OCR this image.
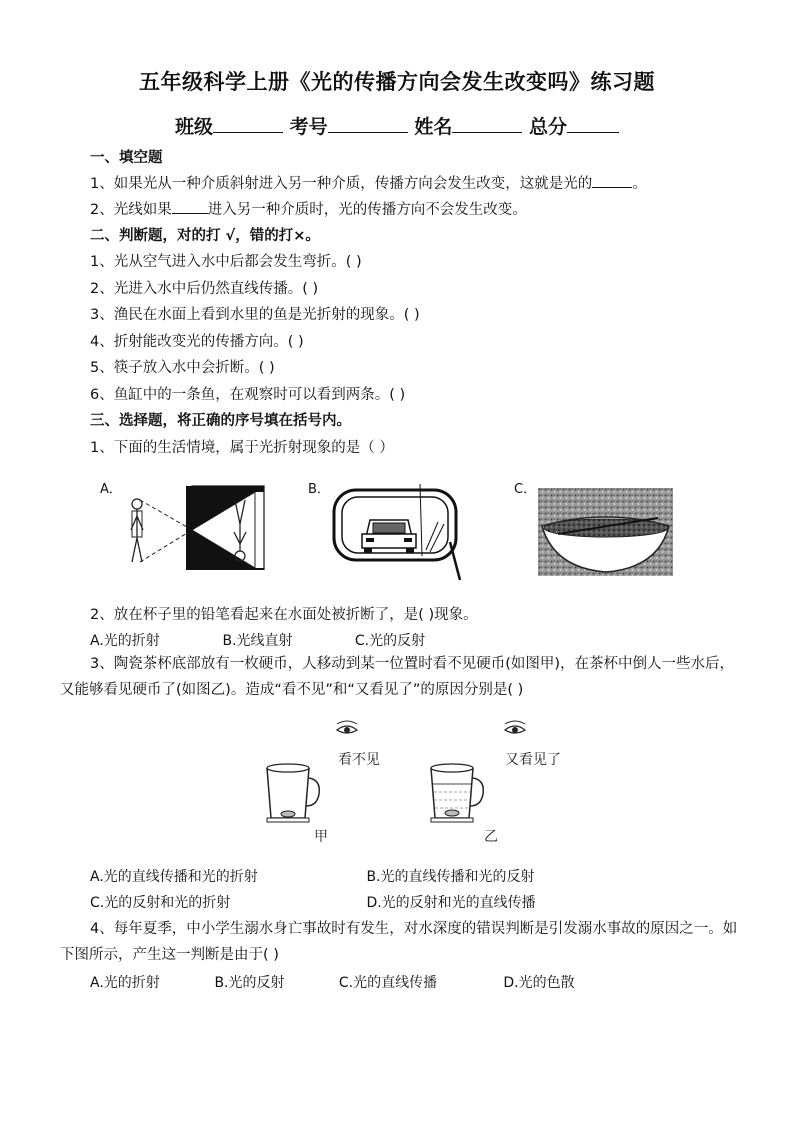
五年级科学上册《光的传播方向会发生改变吗》练习题
班级	考号	姓名	总分
一、填空题
1、如果光从一种介质斜射进入另一种介质，传播方向会发生改变，这就是光的	。
2、光线如果 进入另一种介质时，光的传播方向不会发生改变。
二、判断题，对的打 √，错的打×。
1、光从空气进入水中后都会发生弯折。( )
2、光进入水中后仍然直线传播。( )
3、渔民在水面上看到水里的鱼是光折射的现象。( )
4、折射能改变光的传播方向。( )
5、筷子放入水中会折断。( )
6、鱼缸中的一条鱼，在观察时可以看到两条。( )
三、选择题，将正确的序号填在括号内。
1、下面的生活情境，属于光折射现象的是（ ）
A．	B．	C．
2、放在杯子里的铅笔看起来在水面处被折断了，是( )现象。
A.光的折射	B.光线直射	C.光的反射
3、陶瓷茶杯底部放有一枚硬币，人移动到某一位置时看不见硬币(如图甲)，在茶杯中倒人一些水后，又能够看见硬币了(如图乙)。造成“看不见”和“又看见了”的原因分别是( )
看不见	又看见了
甲	乙
A.光的直线传播和光的折射	B.光的直线传播和光的反射
C.光的反射和光的折射	D.光的反射和光的直线传播
4、每年夏季，中小学生溺水身亡事故时有发生，对水深度的错误判断是引发溺水事故的原因之一。如下图所示，产生这一判断是由于( )
A.光的折射	B.光的反射	C.光的直线传播	D.光的色散
